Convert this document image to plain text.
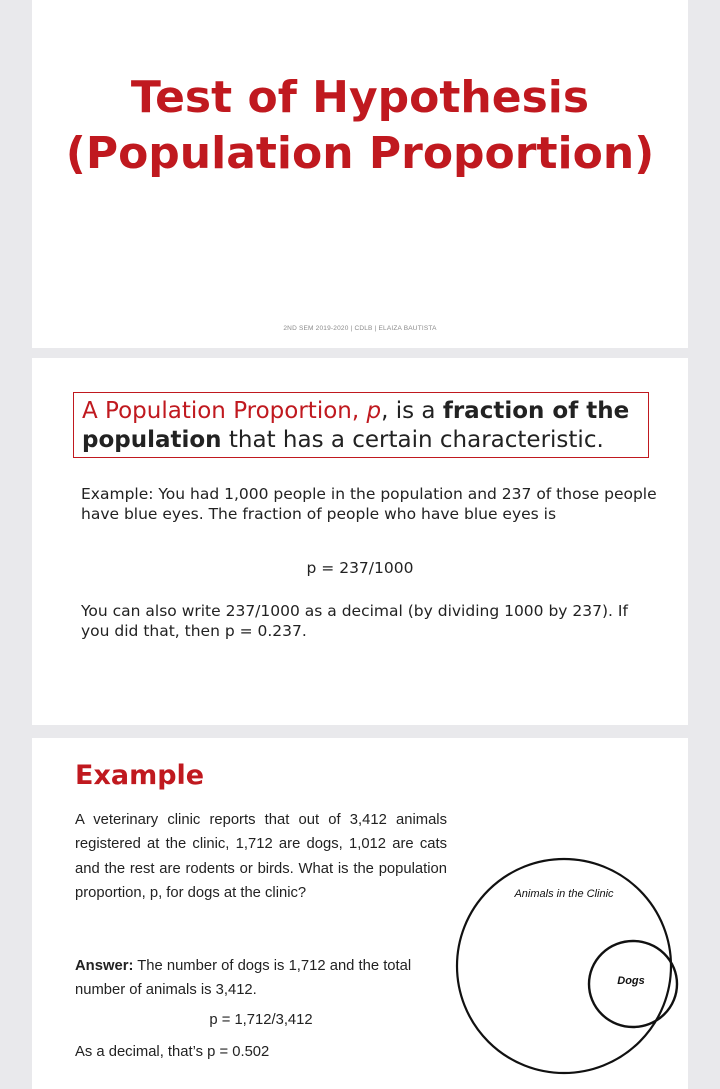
Test of Hypothesis
(Population Proportion)
2ND SEM 2019-2020 | CDLB | ELAIZA BAUTISTA
A Population Proportion, p, is a fraction of the population that has a certain characteristic.
Example: You had 1,000 people in the population and 237 of those people have blue eyes. The fraction of people who have blue eyes is
p = 237/1000
You can also write 237/1000 as a decimal (by dividing 1000 by 237). If you did that, then p = 0.237.
Example
A veterinary clinic reports that out of 3,412 animals registered at the clinic, 1,712 are dogs, 1,012 are cats and the rest are rodents or birds. What is the population proportion, p, for dogs at the clinic?
Answer: The number of dogs is 1,712 and the total number of animals is 3,412.
p = 1,712/3,412
As a decimal, that’s p = 0.502
Animals in the Clinic
Dogs
